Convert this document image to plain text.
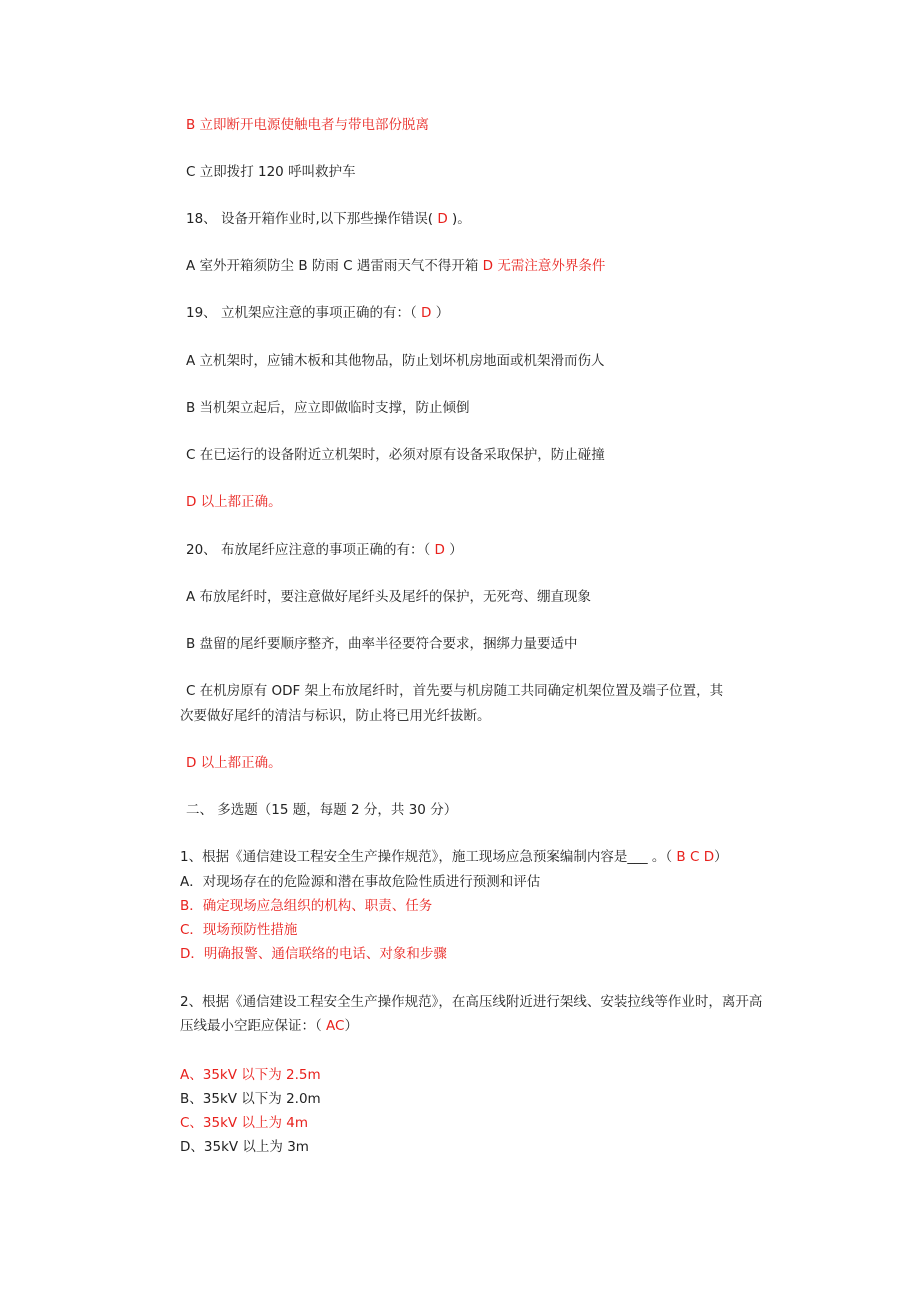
B 立即断开电源使触电者与带电部份脱离
C 立即拨打 120 呼叫救护车
18、 设备开箱作业时,以下那些操作错误( D )。
A 室外开箱须防尘 B 防雨 C 遇雷雨天气不得开箱 D 无需注意外界条件
19、 立机架应注意的事项正确的有：（ D ）
A 立机架时，应铺木板和其他物品，防止划坏机房地面或机架滑而伤人
B 当机架立起后，应立即做临时支撑，防止倾倒
C 在已运行的设备附近立机架时，必须对原有设备采取保护，防止碰撞
D 以上都正确。
20、 布放尾纤应注意的事项正确的有：（ D ）
A 布放尾纤时，要注意做好尾纤头及尾纤的保护，无死弯、绷直现象
B 盘留的尾纤要顺序整齐，曲率半径要符合要求，捆绑力量要适中
C 在机房原有 ODF 架上布放尾纤时，首先要与机房随工共同确定机架位置及端子位置，其
次要做好尾纤的清洁与标识，防止将已用光纤拔断。
D 以上都正确。
二、 多选题（15 题，每题 2 分，共 30 分）
1、根据《通信建设工程安全生产操作规范》，施工现场应急预案编制内容是___ 。（ B C D）
A．对现场存在的危险源和潜在事故危险性质进行预测和评估
B．确定现场应急组织的机构、职责、任务
C．现场预防性措施
D．明确报警、通信联络的电话、对象和步骤
2、根据《通信建设工程安全生产操作规范》，在高压线附近进行架线、安装拉线等作业时，离开高
压线最小空距应保证：（ AC）
A、35kV 以下为 2.5m
B、35kV 以下为 2.0m
C、35kV 以上为 4m
D、35kV 以上为 3m
